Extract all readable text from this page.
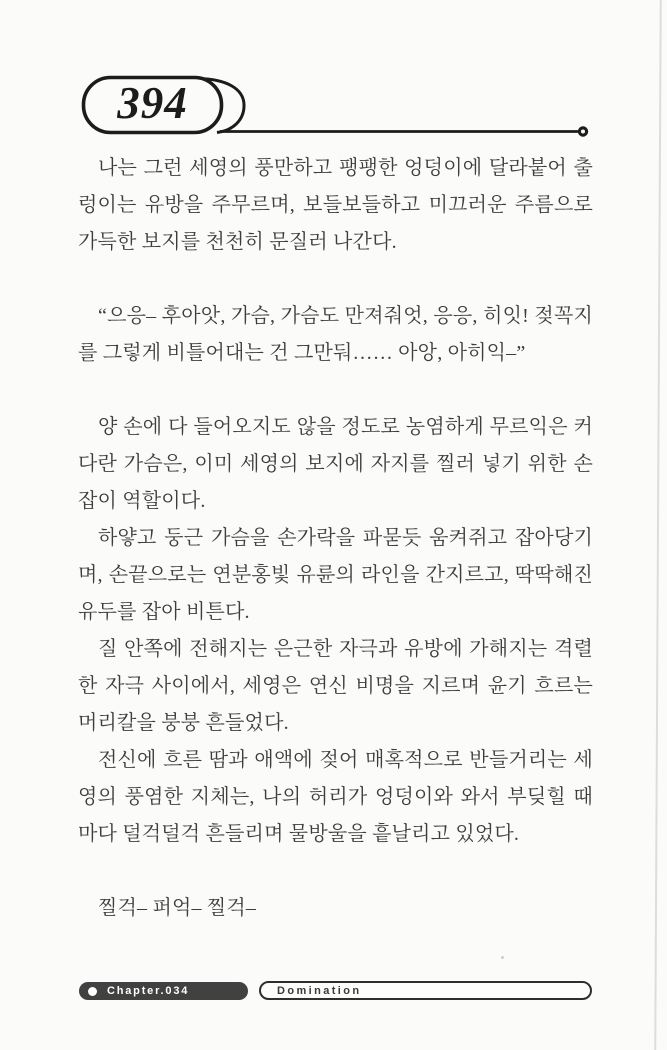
394

나는 그런 세영의 풍만하고 팽팽한 엉덩이에 달라붙어 출렁이는 유방을 주무르며, 보들보들하고 미끄러운 주름으로 가득한 보지를 천천히 문질러 나간다.

“으응– 후아앗, 가슴, 가슴도 만져줘엇, 응응, 히잇! 젖꼭지를 그렇게 비틀어대는 건 그만둬…… 아앙, 아히익–”

양 손에 다 들어오지도 않을 정도로 농염하게 무르익은 커다란 가슴은, 이미 세영의 보지에 자지를 찔러 넣기 위한 손잡이 역할이다.

하얗고 둥근 가슴을 손가락을 파묻듯 움켜쥐고 잡아당기며, 손끝으로는 연분홍빛 유륜의 라인을 간지르고, 딱딱해진 유두를 잡아 비튼다.

질 안쪽에 전해지는 은근한 자극과 유방에 가해지는 격렬한 자극 사이에서, 세영은 연신 비명을 지르며 윤기 흐르는 머리칼을 붕붕 흔들었다.

전신에 흐른 땀과 애액에 젖어 매혹적으로 반들거리는 세영의 풍염한 지체는, 나의 허리가 엉덩이와 와서 부딪힐 때마다 덜걱덜걱 흔들리며 물방울을 흩날리고 있었다.

찔걱– 퍼억– 찔걱–

Chapter.034	Domination
